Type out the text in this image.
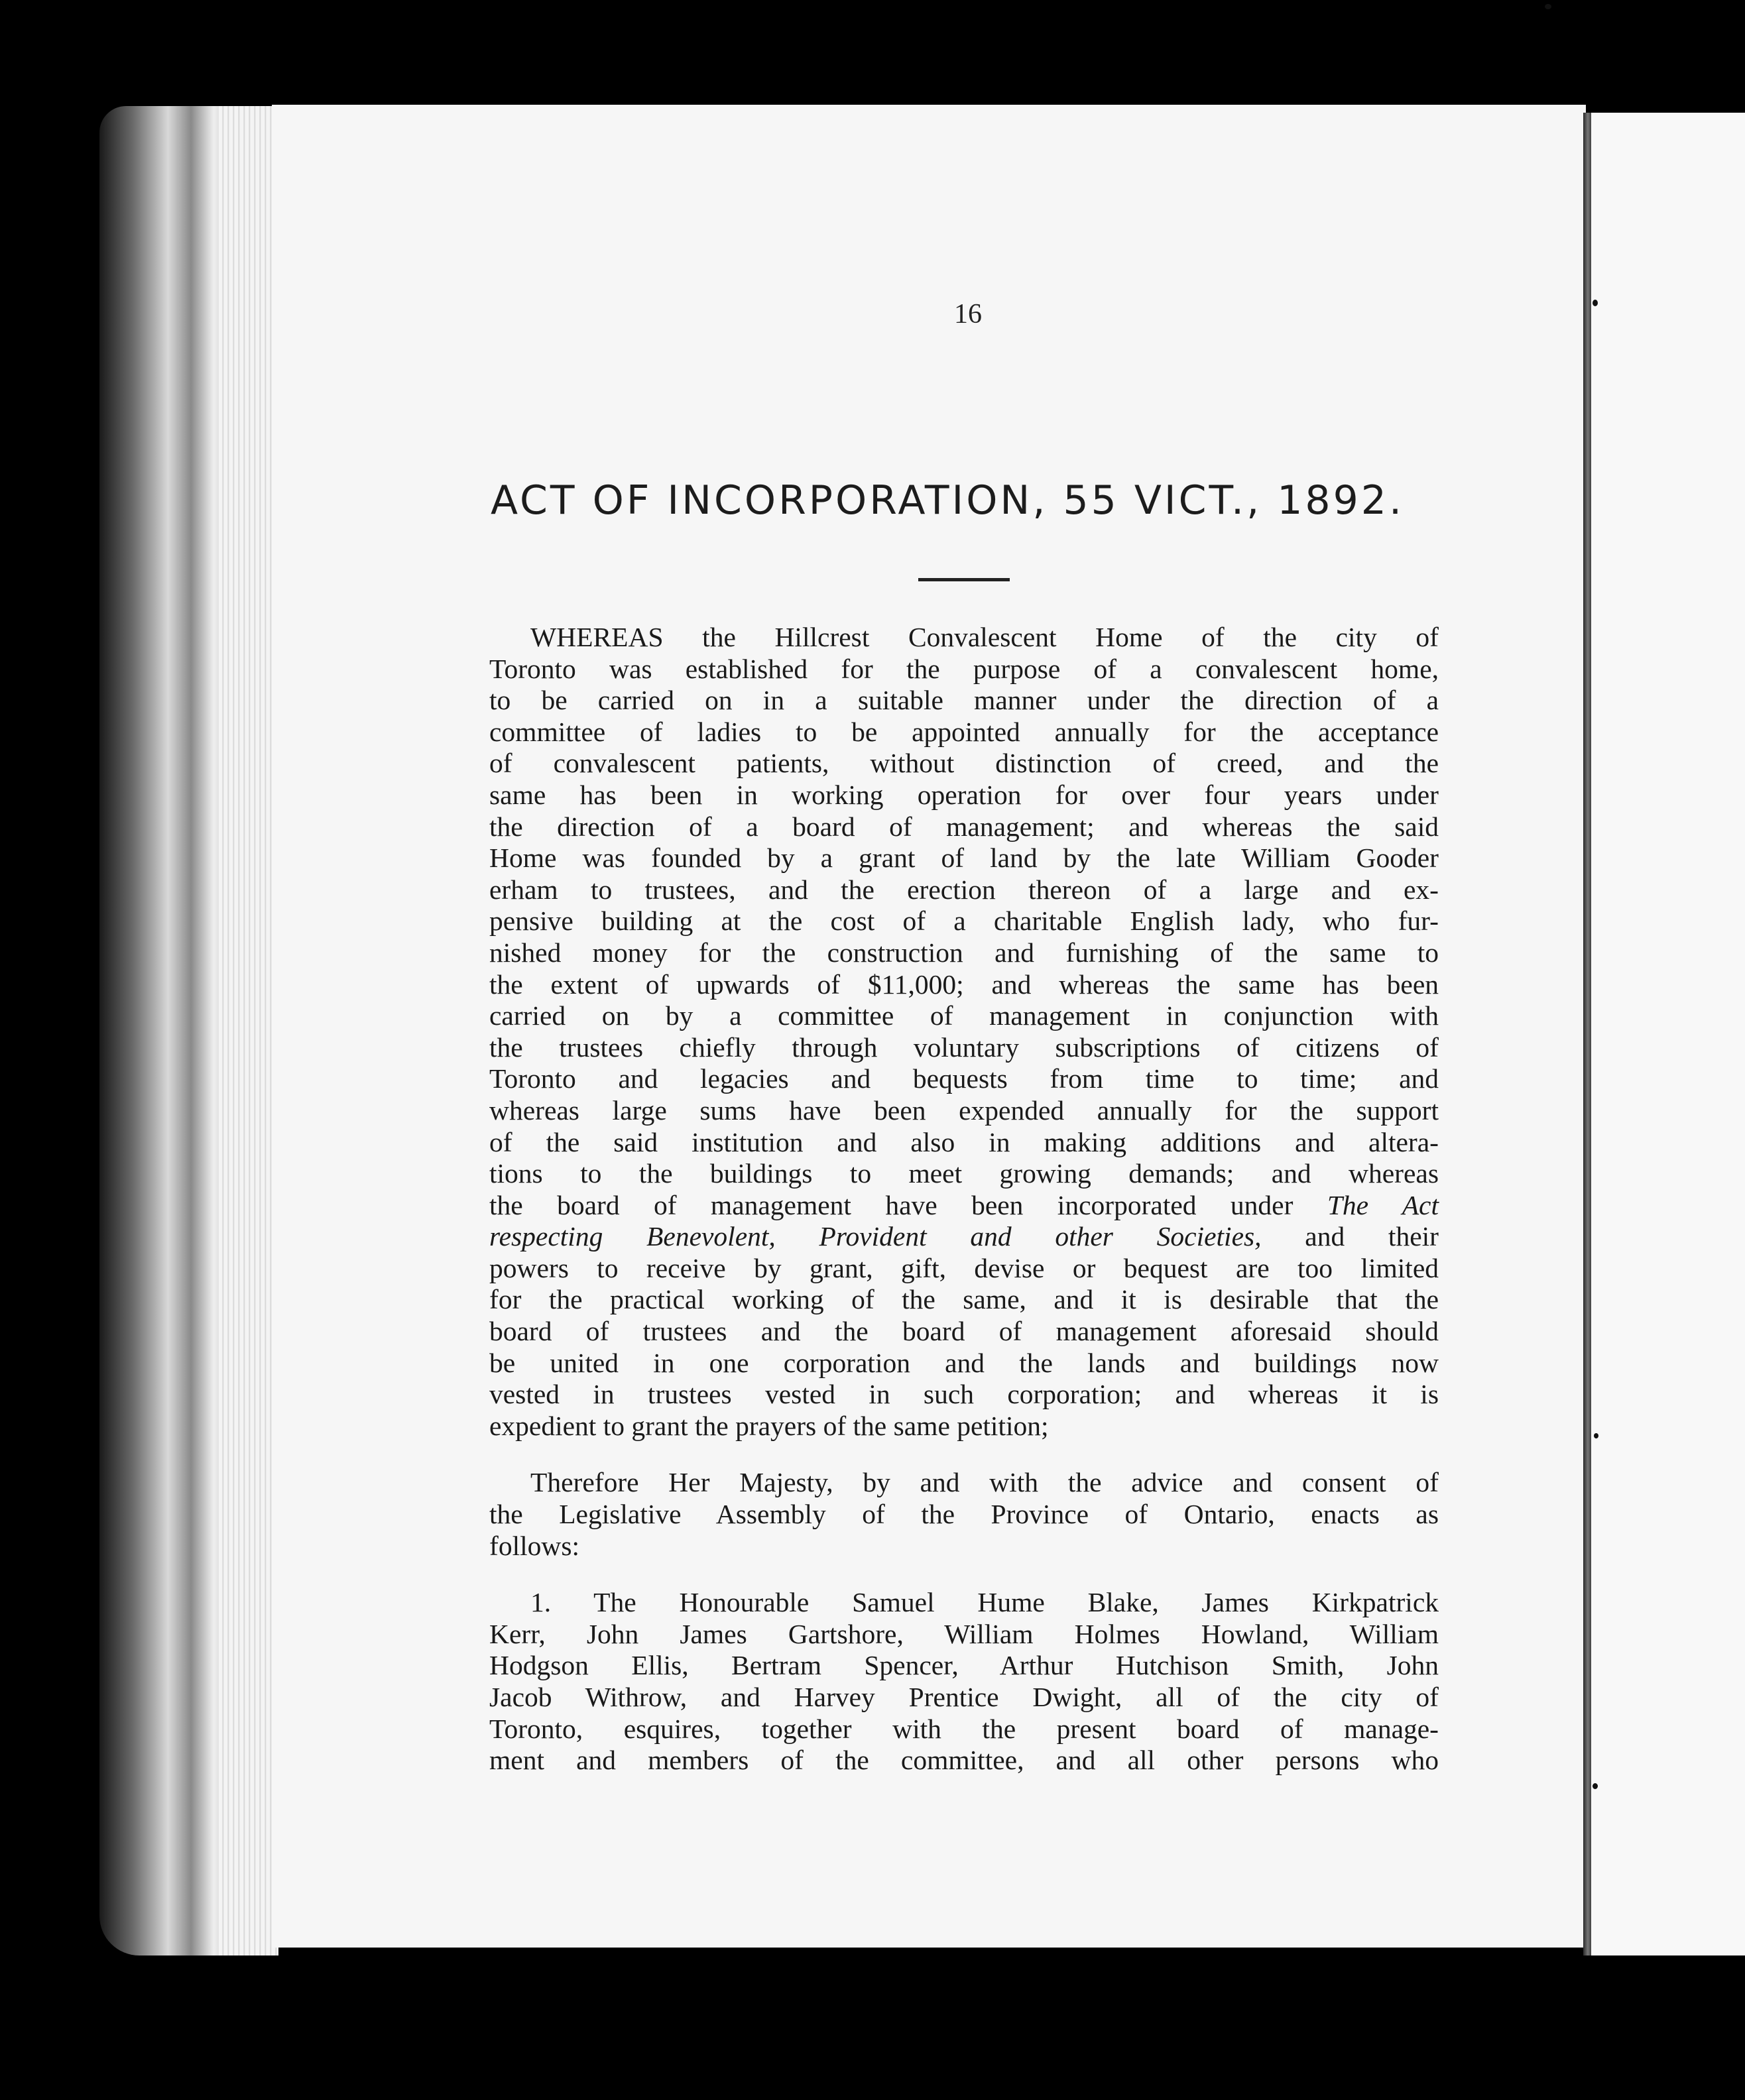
16
ACT OF INCORPORATION, 55 VICT., 1892.
WHEREAS the Hillcrest Convalescent Home of the city of
Toronto was established for the purpose of a convalescent home,
to be carried on in a suitable manner under the direction of a
committee of ladies to be appointed annually for the acceptance
of convalescent patients, without distinction of creed, and the
same has been in working operation for over four years under
the direction of a board of management; and whereas the said
Home was founded by a grant of land by the late William Gooder
erham to trustees, and the erection thereon of a large and ex-
pensive building at the cost of a charitable English lady, who fur-
nished money for the construction and furnishing of the same to
the extent of upwards of $11,000; and whereas the same has been
carried on by a committee of management in conjunction with
the trustees chiefly through voluntary subscriptions of citizens of
Toronto and legacies and bequests from time to time; and
whereas large sums have been expended annually for the support
of the said institution and also in making additions and altera-
tions to the buildings to meet growing demands; and whereas
the board of management have been incorporated under The Act
respecting Benevolent, Provident and other Societies, and their
powers to receive by grant, gift, devise or bequest are too limited
for the practical working of the same, and it is desirable that the
board of trustees and the board of management aforesaid should
be united in one corporation and the lands and buildings now
vested in trustees vested in such corporation; and whereas it is
expedient to grant the prayers of the same petition;
Therefore Her Majesty, by and with the advice and consent of
the Legislative Assembly of the Province of Ontario, enacts as
follows:
1. The Honourable Samuel Hume Blake, James Kirkpatrick
Kerr, John James Gartshore, William Holmes Howland, William
Hodgson Ellis, Bertram Spencer, Arthur Hutchison Smith, John
Jacob Withrow, and Harvey Prentice Dwight, all of the city of
Toronto, esquires, together with the present board of manage-
ment and members of the committee, and all other persons who
